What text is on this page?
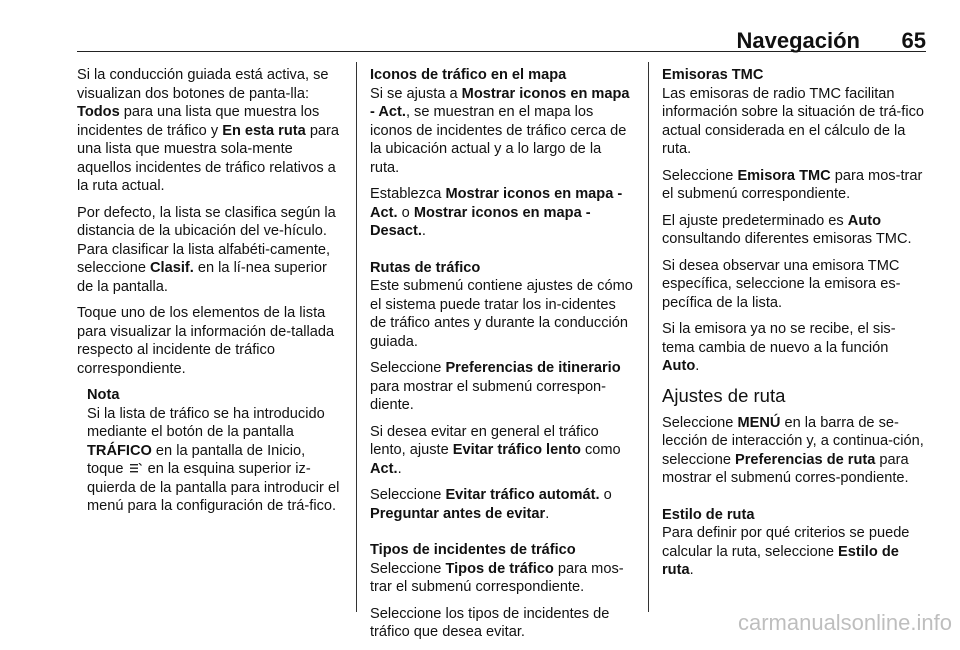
Navegación 65

Si la conducción guiada está activa, se visualizan dos botones de panta-lla: Todos para una lista que muestra los incidentes de tráfico y En esta ruta para una lista que muestra sola-mente aquellos incidentes de tráfico relativos a la ruta actual.

Por defecto, la lista se clasifica según la distancia de la ubicación del ve-hículo. Para clasificar la lista alfabéti-camente, seleccione Clasif. en la lí-nea superior de la pantalla.

Toque uno de los elementos de la lista para visualizar la información de-tallada respecto al incidente de tráfico correspondiente.

Nota
Si la lista de tráfico se ha introducido mediante el botón de la pantalla TRÁFICO en la pantalla de Inicio, toque  en la esquina superior iz-quierda de la pantalla para introducir el menú para la configuración de trá-fico.
Iconos de tráfico en el mapa

Si se ajusta a Mostrar iconos en mapa - Act., se muestran en el mapa los iconos de incidentes de tráfico cerca de la ubicación actual y a lo largo de la ruta.

Establezca Mostrar iconos en mapa - Act. o Mostrar iconos en mapa - Desact..

Rutas de tráfico

Este submenú contiene ajustes de cómo el sistema puede tratar los in-cidentes de tráfico antes y durante la conducción guiada.

Seleccione Preferencias de itinerario para mostrar el submenú correspon-diente.

Si desea evitar en general el tráfico lento, ajuste Evitar tráfico lento como Act..

Seleccione Evitar tráfico automát. o Preguntar antes de evitar.

Tipos de incidentes de tráfico

Seleccione Tipos de tráfico para mos-trar el submenú correspondiente.

Seleccione los tipos de incidentes de tráfico que desea evitar.

Emisoras TMC

Las emisoras de radio TMC facilitan información sobre la situación de trá-fico actual considerada en el cálculo de la ruta.

Seleccione Emisora TMC para mos-trar el submenú correspondiente.

El ajuste predeterminado es Auto consultando diferentes emisoras TMC.

Si desea observar una emisora TMC específica, seleccione la emisora es-pecífica de la lista.

Si la emisora ya no se recibe, el sis-tema cambia de nuevo a la función Auto.

Ajustes de ruta

Seleccione MENÚ en la barra de se-lección de interacción y, a continua-ción, seleccione Preferencias de ruta para mostrar el submenú corres-pondiente.

Estilo de ruta

Para definir por qué criterios se puede calcular la ruta, seleccione Estilo de ruta.

carmanualsonline.info
